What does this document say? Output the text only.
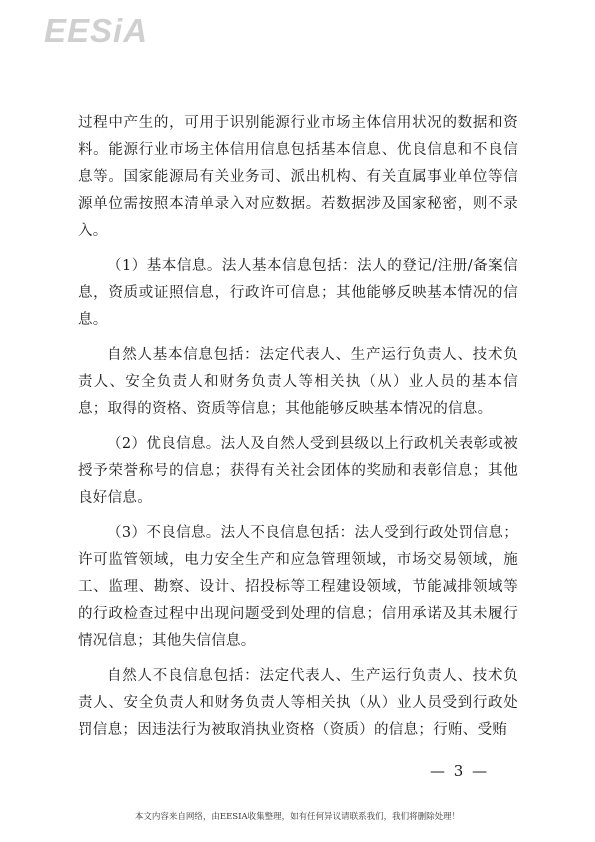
EESiA

过程中产生的，可用于识别能源行业市场主体信用状况的数据和资料。能源行业市场主体信用信息包括基本信息、优良信息和不良信息等。国家能源局有关业务司、派出机构、有关直属事业单位等信源单位需按照本清单录入对应数据。若数据涉及国家秘密，则不录入。

（1）基本信息。法人基本信息包括：法人的登记/注册/备案信息，资质或证照信息，行政许可信息；其他能够反映基本情况的信息。

自然人基本信息包括：法定代表人、生产运行负责人、技术负责人、安全负责人和财务负责人等相关执（从）业人员的基本信息；取得的资格、资质等信息；其他能够反映基本情况的信息。

（2）优良信息。法人及自然人受到县级以上行政机关表彰或被授予荣誉称号的信息；获得有关社会团体的奖励和表彰信息；其他良好信息。

（3）不良信息。法人不良信息包括：法人受到行政处罚信息；许可监管领域，电力安全生产和应急管理领域，市场交易领域，施工、监理、勘察、设计、招投标等工程建设领域，节能减排领域等的行政检查过程中出现问题受到处理的信息；信用承诺及其未履行情况信息；其他失信信息。

自然人不良信息包括：法定代表人、生产运行负责人、技术负责人、安全负责人和财务负责人等相关执（从）业人员受到行政处罚信息；因违法行为被取消执业资格（资质）的信息；行贿、受贿

— 3 —
本文内容来自网络，由EESIA收集整理，如有任何异议请联系我们，我们将删除处理！
